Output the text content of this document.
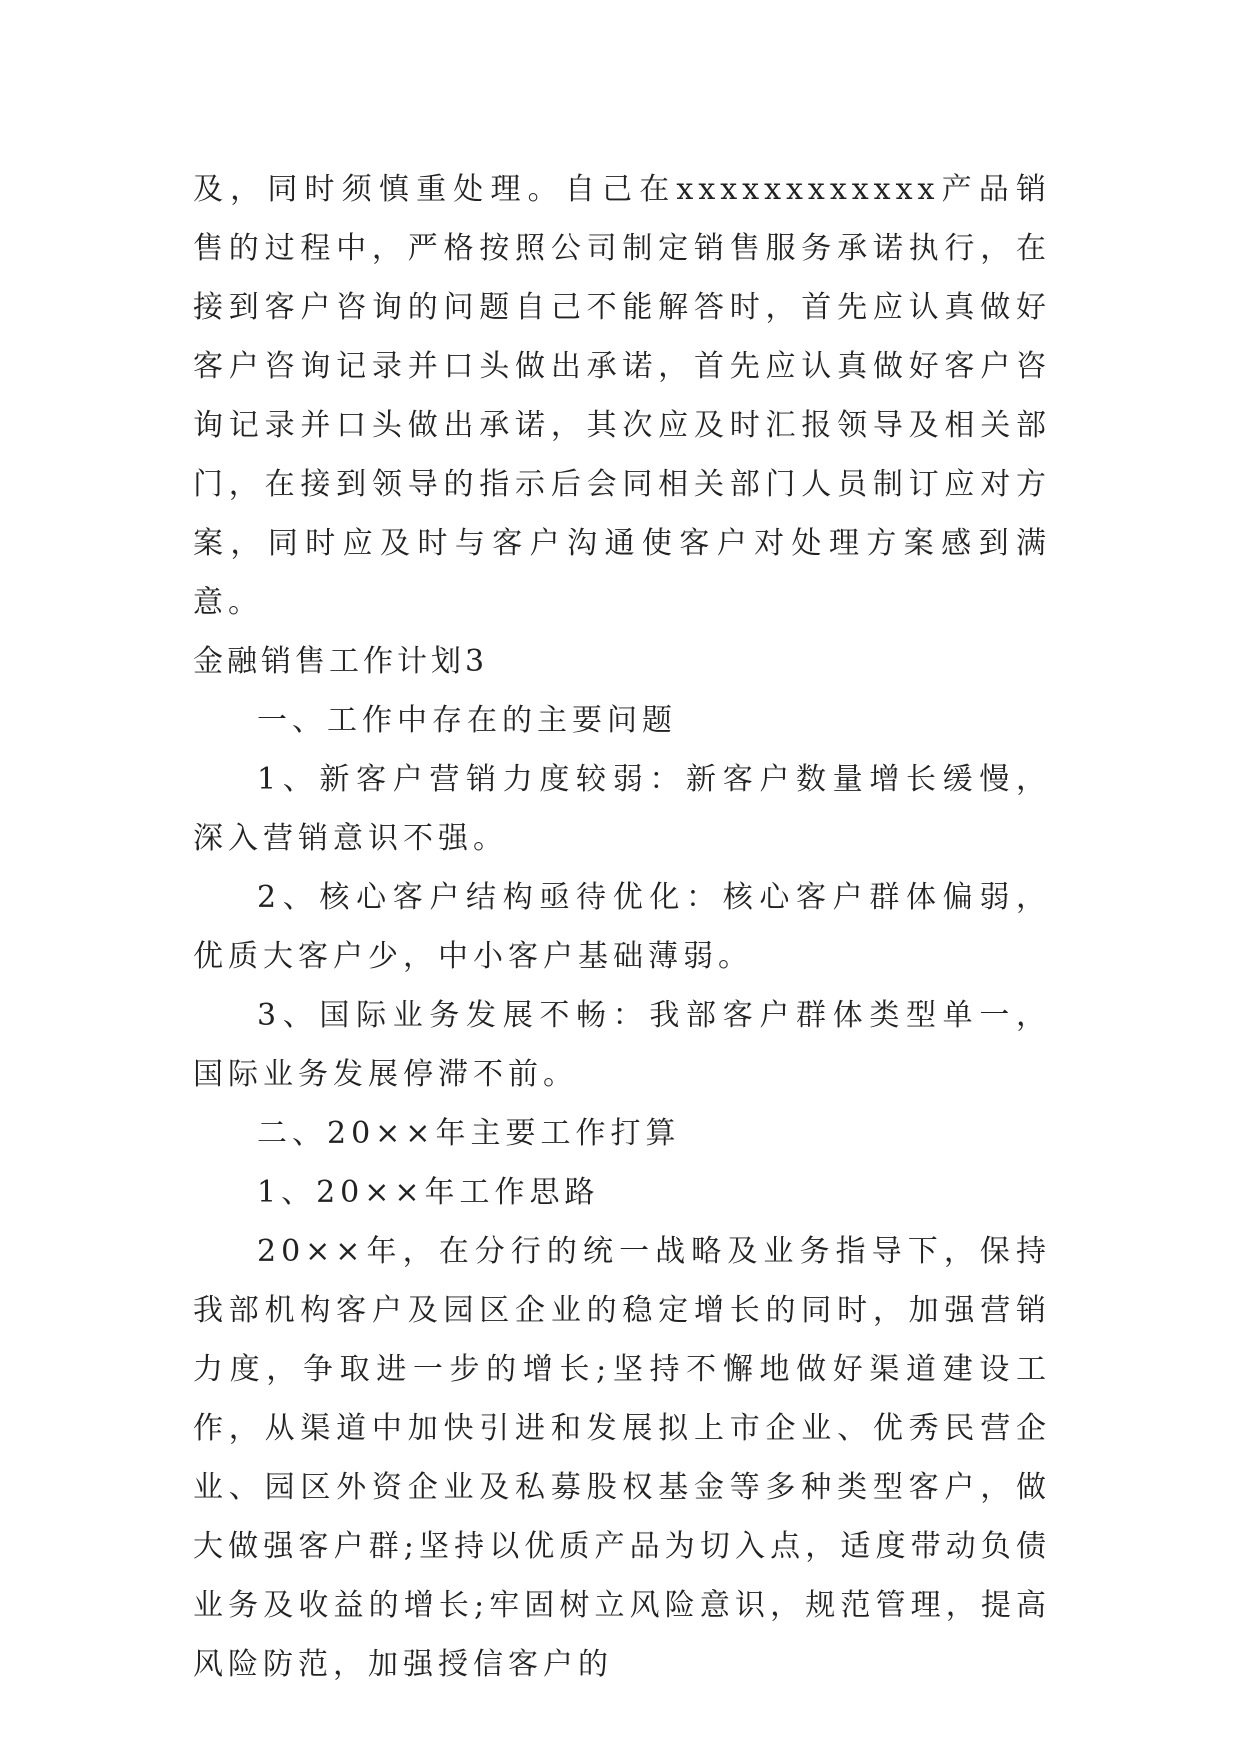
及，同时须慎重处理。自己在xxxxxxxxxxxx产品销售的过程中，严格按照公司制定销售服务承诺执行，在接到客户咨询的问题自己不能解答时，首先应认真做好客户咨询记录并口头做出承诺，首先应认真做好客户咨询记录并口头做出承诺，其次应及时汇报领导及相关部门，在接到领导的指示后会同相关部门人员制订应对方案，同时应及时与客户沟通使客户对处理方案感到满意。

金融销售工作计划3

一、工作中存在的主要问题

1、新客户营销力度较弱：新客户数量增长缓慢，深入营销意识不强。

2、核心客户结构亟待优化：核心客户群体偏弱，优质大客户少，中小客户基础薄弱。

3、国际业务发展不畅：我部客户群体类型单一，国际业务发展停滞不前。

二、20××年主要工作打算

1、20××年工作思路

20××年，在分行的统一战略及业务指导下，保持我部机构客户及园区企业的稳定增长的同时，加强营销力度，争取进一步的增长;坚持不懈地做好渠道建设工作，从渠道中加快引进和发展拟上市企业、优秀民营企业、园区外资企业及私募股权基金等多种类型客户，做大做强客户群;坚持以优质产品为切入点，适度带动负债业务及收益的增长;牢固树立风险意识，规范管理，提高风险防范，加强授信客户的
